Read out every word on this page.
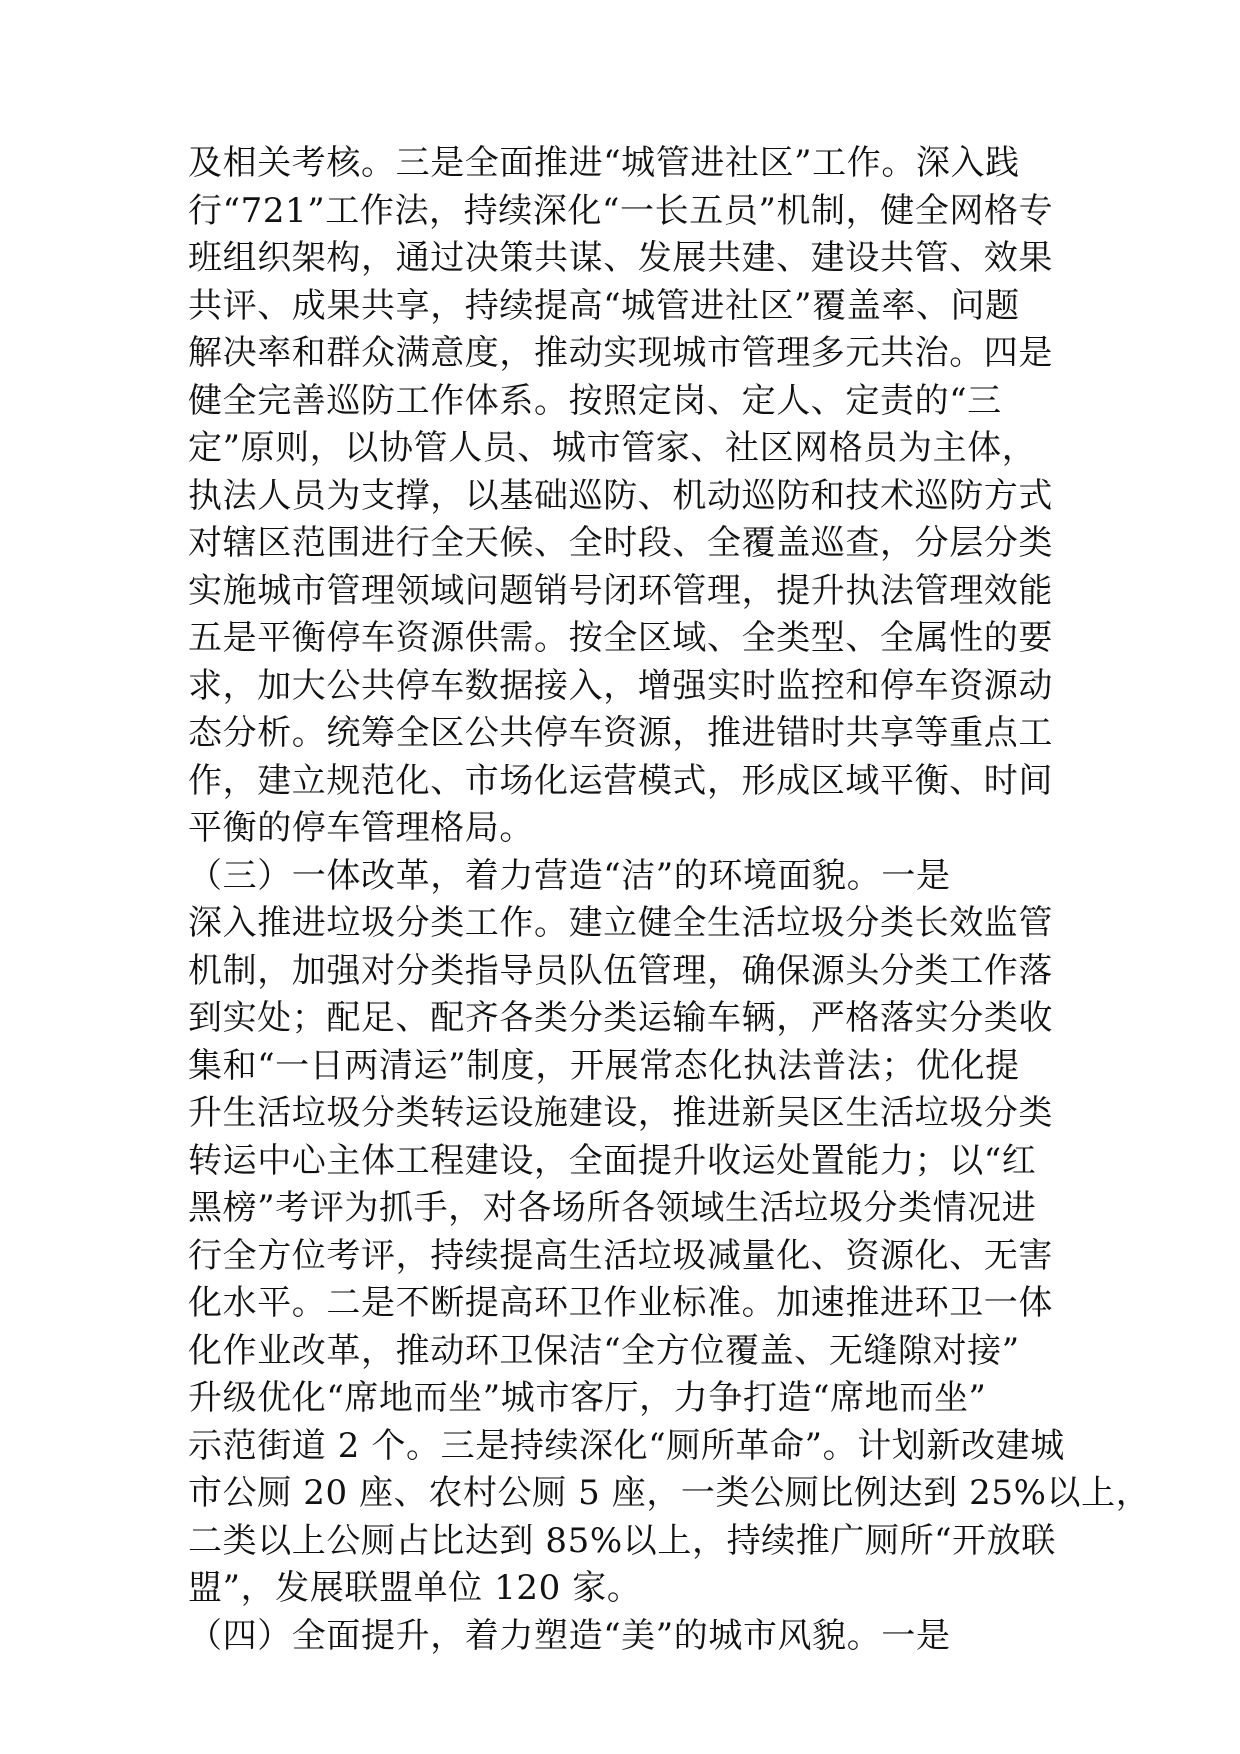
及相关考核。三是全面推进“城管进社区”工作。深入践
行“721”工作法，持续深化“一长五员”机制，健全网格专
班组织架构，通过决策共谋、发展共建、建设共管、效果
共评、成果共享，持续提高“城管进社区”覆盖率、问题
解决率和群众满意度，推动实现城市管理多元共治。四是
健全完善巡防工作体系。按照定岗、定人、定责的“三
定”原则，以协管人员、城市管家、社区网格员为主体，
执法人员为支撑，以基础巡防、机动巡防和技术巡防方式
对辖区范围进行全天候、全时段、全覆盖巡查，分层分类
实施城市管理领域问题销号闭环管理，提升执法管理效能
五是平衡停车资源供需。按全区域、全类型、全属性的要
求，加大公共停车数据接入，增强实时监控和停车资源动
态分析。统筹全区公共停车资源，推进错时共享等重点工
作，建立规范化、市场化运营模式，形成区域平衡、时间
平衡的停车管理格局。
（三）一体改革，着力营造“洁”的环境面貌。一是
深入推进垃圾分类工作。建立健全生活垃圾分类长效监管
机制，加强对分类指导员队伍管理，确保源头分类工作落
到实处；配足、配齐各类分类运输车辆，严格落实分类收
集和“一日两清运”制度，开展常态化执法普法；优化提
升生活垃圾分类转运设施建设，推进新吴区生活垃圾分类
转运中心主体工程建设，全面提升收运处置能力；以“红
黑榜”考评为抓手，对各场所各领域生活垃圾分类情况进
行全方位考评，持续提高生活垃圾减量化、资源化、无害
化水平。二是不断提高环卫作业标准。加速推进环卫一体
化作业改革，推动环卫保洁“全方位覆盖、无缝隙对接”
升级优化“席地而坐”城市客厅，力争打造“席地而坐”
示范街道 2 个。三是持续深化“厕所革命”。计划新改建城
市公厕 20 座、农村公厕 5 座，一类公厕比例达到 25%以上，
二类以上公厕占比达到 85%以上，持续推广厕所“开放联
盟”，发展联盟单位 120 家。
（四）全面提升，着力塑造“美”的城市风貌。一是
